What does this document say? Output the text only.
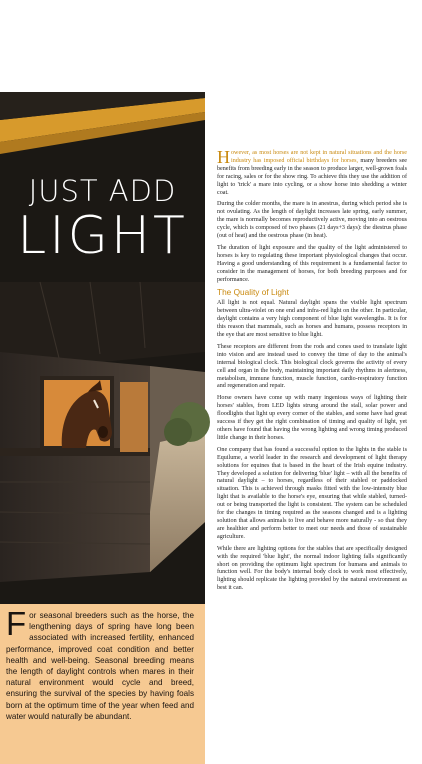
JUST ADD
LIGHT
For seasonal breeders such as the horse, the lengthening days of spring have long been associated with increased fertility, enhanced performance, improved coat condition and better health and well-being. Seasonal breeding means the length of daylight controls when mares in their natural environment would cycle and breed, ensuring the survival of the species by having foals born at the optimum time of the year when feed and water would naturally be abundant.

However, as most horses are not kept in natural situations and the horse industry has imposed official birthdays for horses, many breeders see benefits from breeding early in the season to produce larger, well-grown foals for racing, sales or for the show ring. To achieve this they use the addition of light to 'trick' a mare into cycling, or a show horse into shedding a winter coat.

During the colder months, the mare is in anestrus, during which period she is not ovulating. As the length of daylight increases late spring, early summer, the mare is normally becomes reproductively active, moving into an oestrous cycle, which is composed of two phases (21 days+3 days): the diestrus phase (out of heat) and the oestrous phase (in heat).

The duration of light exposure and the quality of the light administered to horses is key to regulating these important physiological changes that occur. Having a good understanding of this requirement is a fundamental factor to consider in the management of horses, for both breeding purposes and for performance.

The Quality of Light

All light is not equal. Natural daylight spans the visible light spectrum between ultra-violet on one end and infra-red light on the other. In particular, daylight contains a very high component of blue light wavelengths. It is for this reason that mammals, such as horses and humans, possess receptors in the eye that are most sensitive to blue light.

These receptors are different from the rods and cones used to translate light into vision and are instead used to convey the time of day to the animal's internal biological clock. This biological clock governs the activity of every cell and organ in the body, maintaining important daily rhythms in alertness, metabolism, immune function, muscle function, cardio-respiratory function and regeneration and repair.

Horse owners have come up with many ingenious ways of lighting their horses' stables, from LED lights strung around the stall, solar power and floodlights that light up every corner of the stables, and some have had great success if they get the right combination of timing and quality of light, yet others have found that having the wrong lighting and wrong timing produced little change in their horses.

One company that has found a successful option to the lights in the stable is Equilume, a world leader in the research and development of light therapy solutions for equines that is based in the heart of the Irish equine industry. They developed a solution for delivering 'blue' light – with all the benefits of natural daylight – to horses, regardless of their stabled or paddocked situation. This is achieved through masks fitted with the low-intensity blue light that is available to the horse's eye, ensuring that while stabled, turned-out or being transported the light is consistent. The system can be scheduled for the changes in timing required as the seasons changed and is a lighting solution that allows animals to live and behave more naturally - so that they are healthier and perform better to meet our needs and those of sustainable agriculture.

While there are lighting options for the stables that are specifically designed with the required 'blue light', the normal indoor lighting falls significantly short on providing the optimum light spectrum for humans and animals to function well. For the body's internal body clock to work most effectively, lighting should replicate the lighting provided by the natural environment as best it can.
